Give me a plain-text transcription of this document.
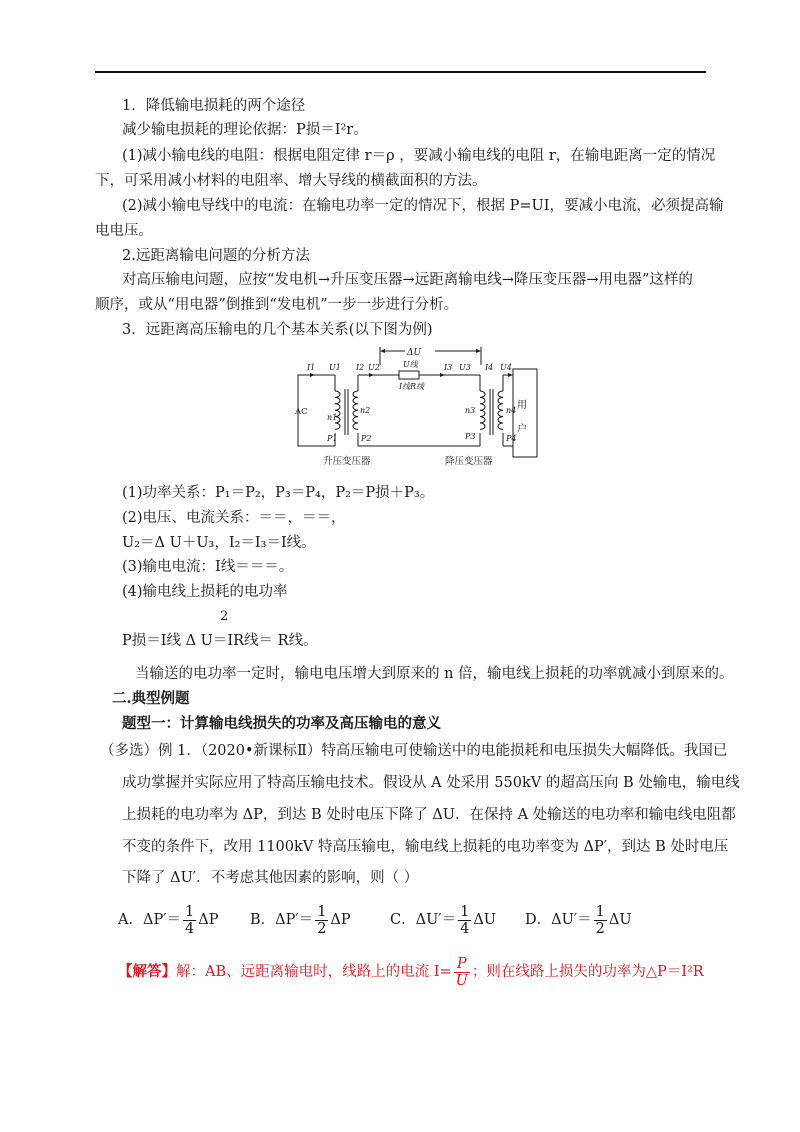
1．降低输电损耗的两个途径
减少输电损耗的理论依据：P损＝I²r。
(1)减小输电线的电阻：根据电阻定律 r＝ρ ，要减小输电线的电阻 r，在输电距离一定的情况
下，可采用减小材料的电阻率、增大导线的横截面积的方法。
(2)减小输电导线中的电流：在输电功率一定的情况下，根据 P=UI，要减小电流，必须提高输
电电压。
2.远距离输电问题的分析方法
对高压输电问题，应按“发电机→升压变压器→远距离输电线→降压变压器→用电器”这样的
顺序，或从“用电器”倒推到“发电机”一步一步进行分析。
3．远距离高压输电的几个基本关系(以下图为例)
ΔU
I1 U1 I2 U2	U线
I线R线
I3 U3 I4 U4
n1
n2	n3	n4
P1	P2	P3	P4
AC
用
户
升压变压器	降压变压器
(1)功率关系：P₁＝P₂，P₃＝P₄，P₂＝P损＋P₃。
(2)电压、电流关系：＝＝，＝＝，
U₂＝Δ U＋U₃，I₂＝I₃＝I线。
(3)输电电流：I线＝＝＝。
(4)输电线上损耗的电功率
2
P损＝I线 Δ U＝IR线＝ R线。
当输送的电功率一定时，输电电压增大到原来的 n 倍，输电线上损耗的功率就减小到原来的。
二.典型例题
题型一：计算输电线损失的功率及高压输电的意义
（多选）例 1．（2020•新课标Ⅱ）特高压输电可使输送中的电能损耗和电压损失大幅降低。我国已
成功掌握并实际应用了特高压输电技术。假设从 A 处采用 550kV 的超高压向 B 处输电，输电线
上损耗的电功率为 ΔP，到达 B 处时电压下降了 ΔU．在保持 A 处输送的电功率和输电线电阻都
不变的条件下，改用 1100kV 特高压输电，输电线上损耗的电功率变为 ΔP′，到达 B 处时电压
下降了 ΔU′．不考虑其他因素的影响，则（ ）
A．$\Delta P'= \frac{1}{4}$ ΔP B．$\Delta P'= \frac{1}{2}$ ΔP	C．$\Delta U'= \frac{1}{4}$ ΔU D．$\Delta U'= \frac{1}{2}$ ΔU
【解答】解：AB、远距离输电时，线路上的电流 $I= \frac{P}{U}$ ；则在线路上损失的功率为△P＝I²R
